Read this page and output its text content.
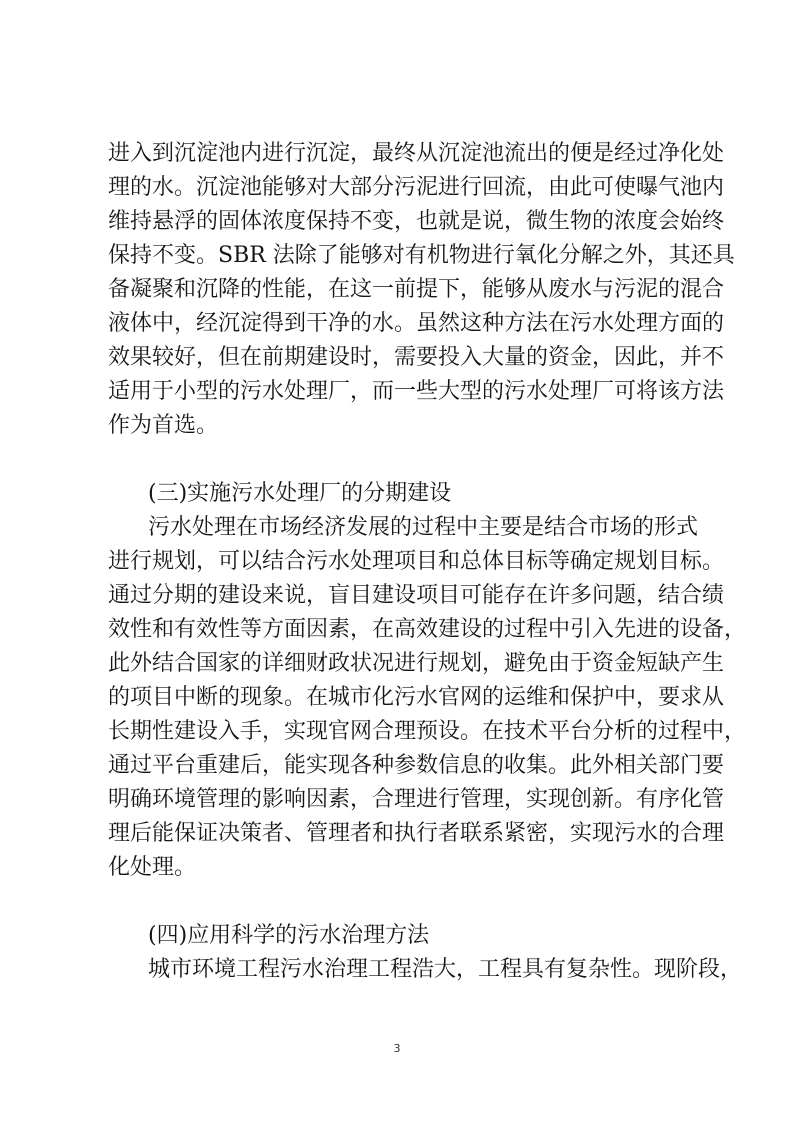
进入到沉淀池内进行沉淀，最终从沉淀池流出的便是经过净化处
理的水。沉淀池能够对大部分污泥进行回流，由此可使曝气池内
维持悬浮的固体浓度保持不变，也就是说，微生物的浓度会始终
保持不变。SBR 法除了能够对有机物进行氧化分解之外，其还具
备凝聚和沉降的性能，在这一前提下，能够从废水与污泥的混合
液体中，经沉淀得到干净的水。虽然这种方法在污水处理方面的
效果较好，但在前期建设时，需要投入大量的资金，因此，并不
适用于小型的污水处理厂，而一些大型的污水处理厂可将该方法
作为首选。
(三)实施污水处理厂的分期建设
污水处理在市场经济发展的过程中主要是结合市场的形式
进行规划，可以结合污水处理项目和总体目标等确定规划目标。
通过分期的建设来说，盲目建设项目可能存在许多问题，结合绩
效性和有效性等方面因素，在高效建设的过程中引入先进的设备，
此外结合国家的详细财政状况进行规划，避免由于资金短缺产生
的项目中断的现象。在城市化污水官网的运维和保护中，要求从
长期性建设入手，实现官网合理预设。在技术平台分析的过程中，
通过平台重建后，能实现各种参数信息的收集。此外相关部门要
明确环境管理的影响因素，合理进行管理，实现创新。有序化管
理后能保证决策者、管理者和执行者联系紧密，实现污水的合理
化处理。
(四)应用科学的污水治理方法
城市环境工程污水治理工程浩大，工程具有复杂性。现阶段，
3
